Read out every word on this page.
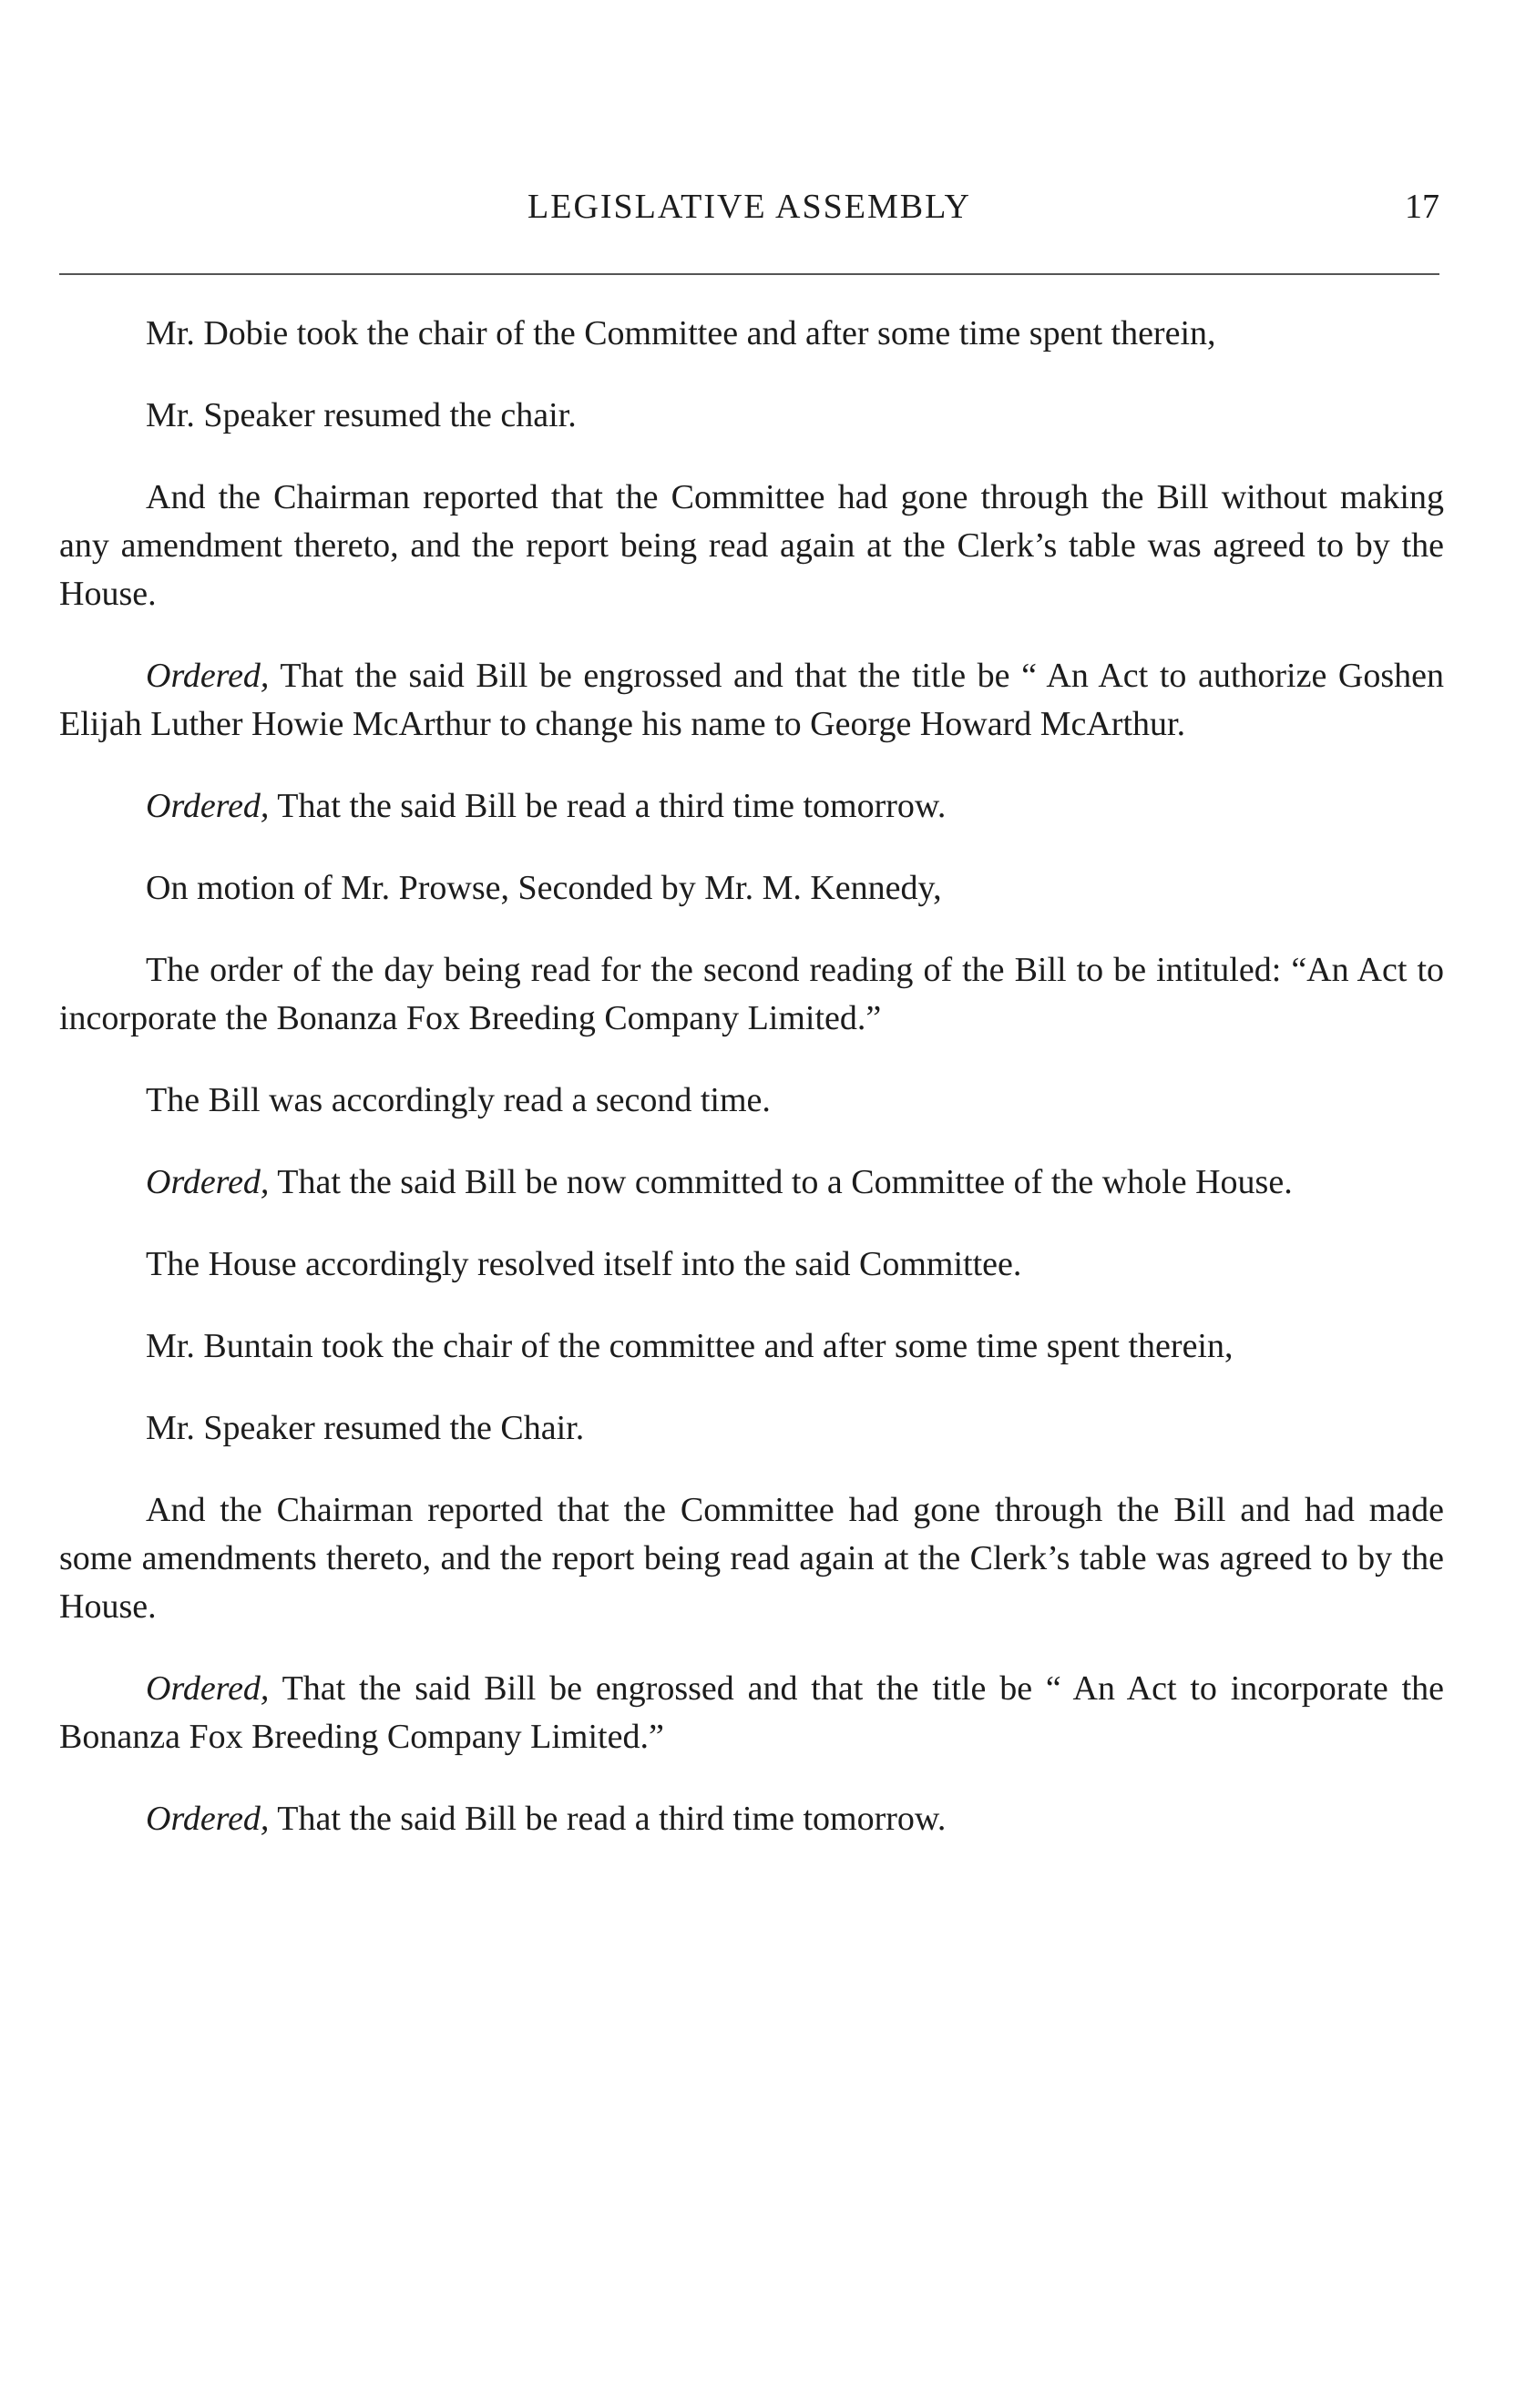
LEGISLATIVE ASSEMBLY	17

Mr. Dobie took the chair of the Committee and after some time spent therein,

Mr. Speaker resumed the chair.

And the Chairman reported that the Committee had gone through the Bill without making any amendment thereto, and the report being read again at the Clerk’s table was agreed to by the House.

Ordered, That the said Bill be engrossed and that the title be “ An Act to authorize Goshen Elijah Luther Howie McArthur to change his name to George Howard McArthur.

Ordered, That the said Bill be read a third time tomorrow.

On motion of Mr. Prowse, Seconded by Mr. M. Kennedy,

The order of the day being read for the second reading of the Bill to be intituled: “An Act to incorporate the Bonanza Fox Breeding Company Limited.”

The Bill was accordingly read a second time.

Ordered, That the said Bill be now committed to a Committee of the whole House.

The House accordingly resolved itself into the said Committee.

Mr. Buntain took the chair of the committee and after some time spent therein,

Mr. Speaker resumed the Chair.

And the Chairman reported that the Committee had gone through the Bill and had made some amendments thereto, and the report being read again at the Clerk’s table was agreed to by the House.

Ordered, That the said Bill be engrossed and that the title be “ An Act to incorporate the Bonanza Fox Breeding Company Limited.”

Ordered, That the said Bill be read a third time tomorrow.
